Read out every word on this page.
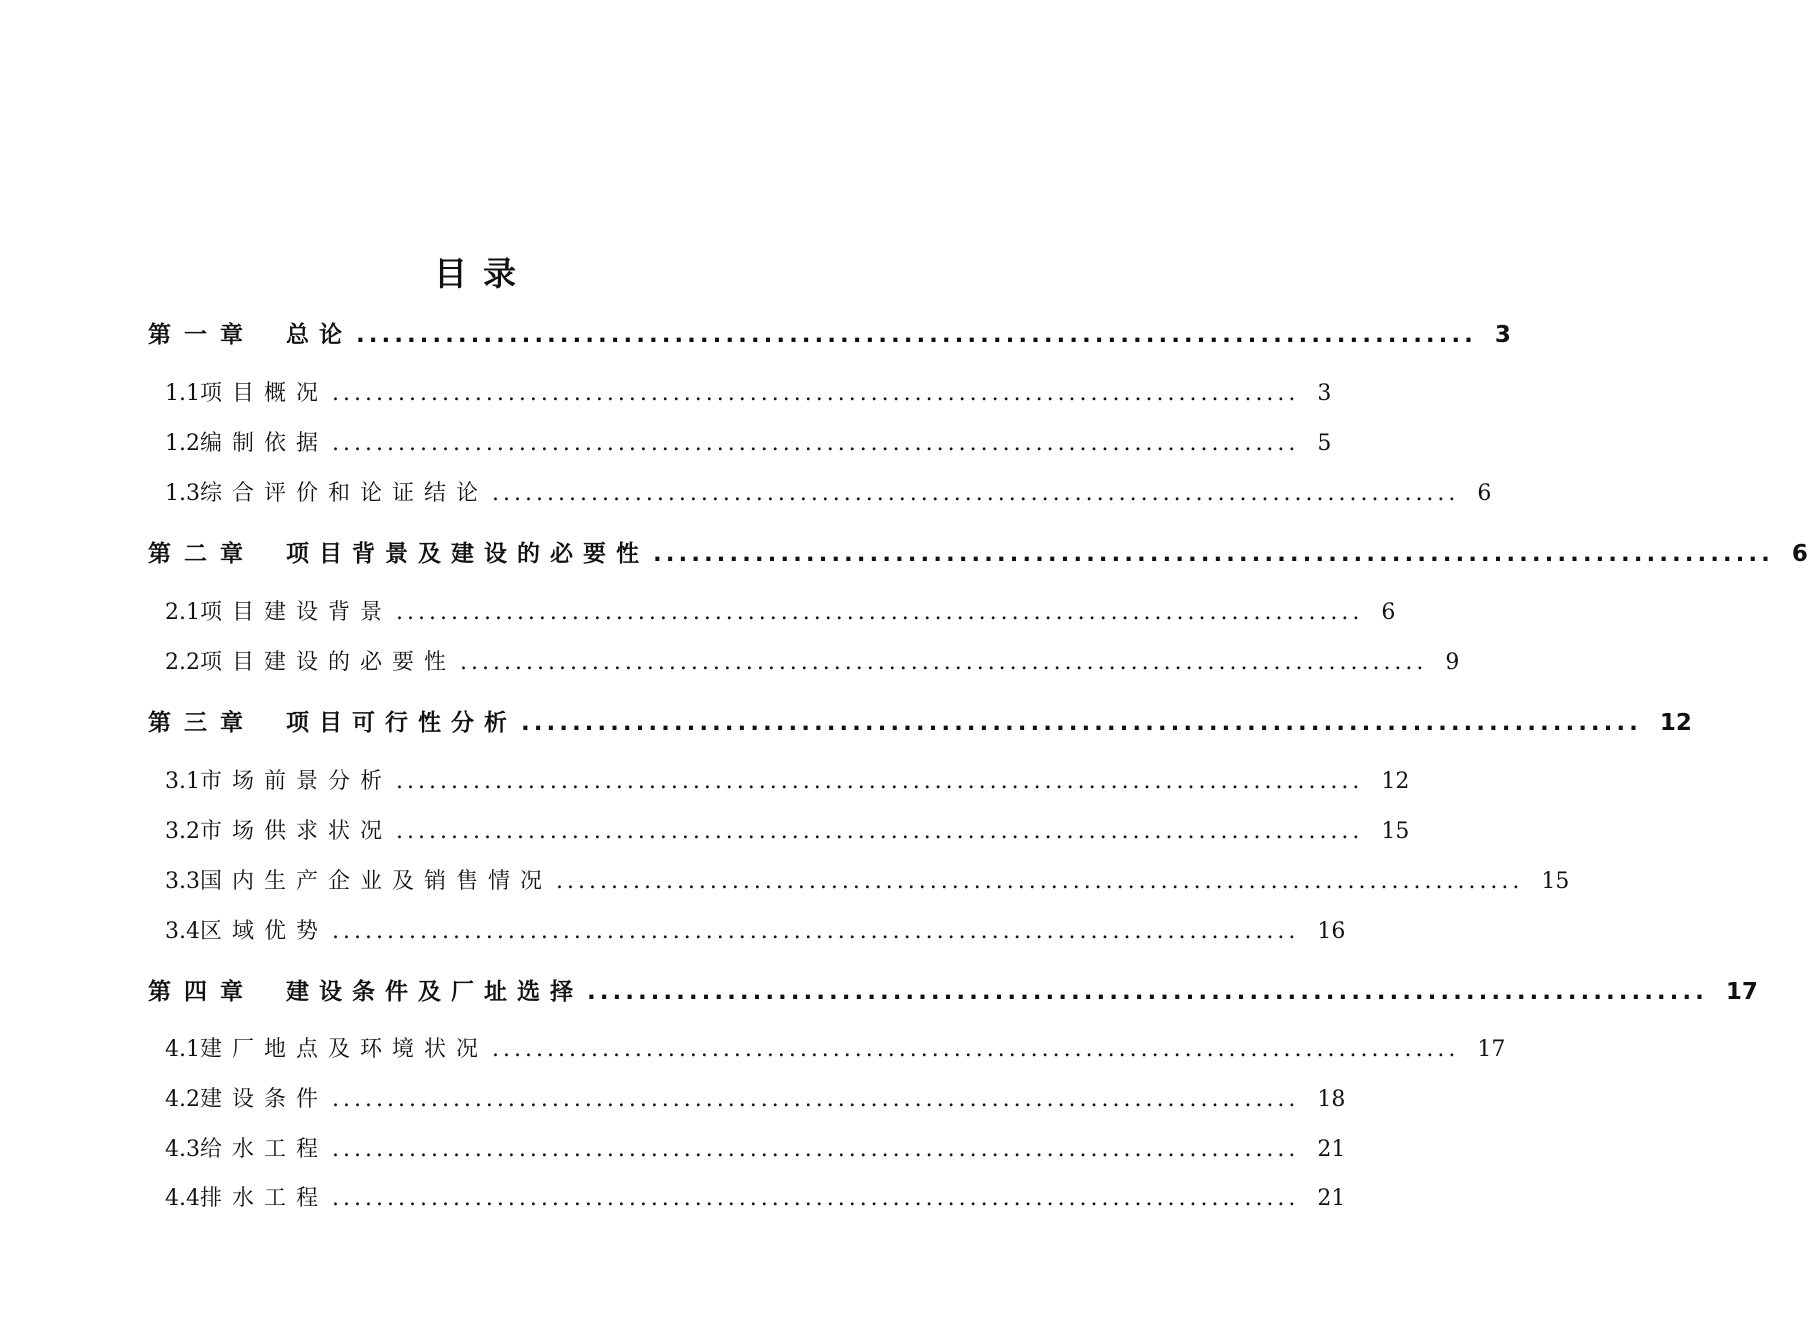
目录
第一章 总论 ........................................................................................ 3
1.1 项目概况 ........................................................................................ 3
1.2 编制依据 ........................................................................................ 5
1.3 综合评价和论证结论 ........................................................................................ 6
第二章 项目背景及建设的必要性 ........................................................................................ 6
2.1 项目建设背景 ........................................................................................ 6
2.2 项目建设的必要性 ........................................................................................ 9
第三章 项目可行性分析 ........................................................................................ 12
3.1 市场前景分析 ........................................................................................ 12
3.2 市场供求状况 ........................................................................................ 15
3.3 国内生产企业及销售情况 ........................................................................................ 15
3.4 区域优势 ........................................................................................ 16
第四章 建设条件及厂址选择 ........................................................................................ 17
4.1 建厂地点及环境状况 ........................................................................................ 17
4.2 建设条件 ........................................................................................ 18
4.3 给水工程 ........................................................................................ 21
4.4 排水工程 ........................................................................................ 21
